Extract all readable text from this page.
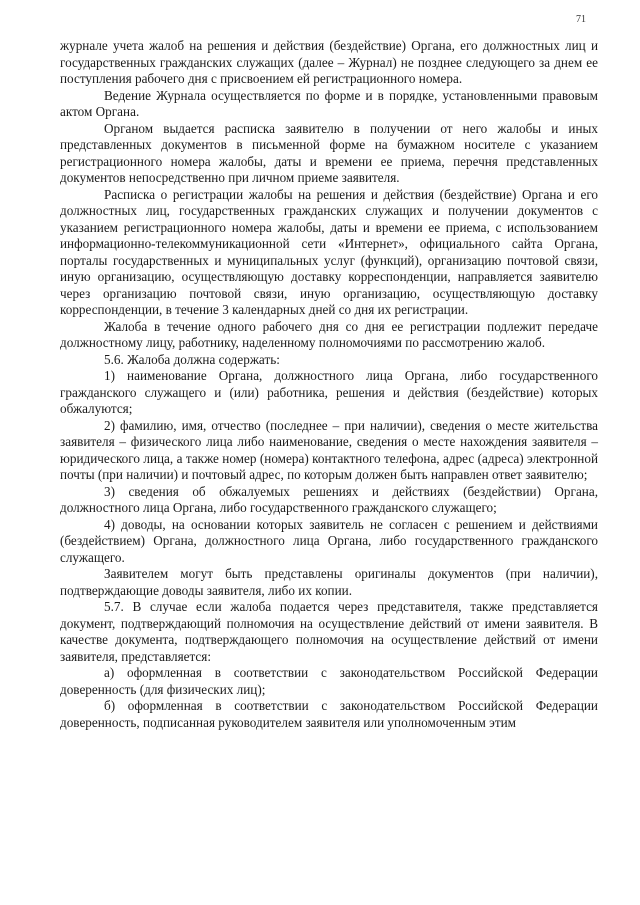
71

журнале учета жалоб на решения и действия (бездействие) Органа, его должностных лиц и государственных гражданских служащих (далее – Журнал) не позднее следующего за днем ее поступления рабочего дня с присвоением ей регистрационного номера.

Ведение Журнала осуществляется по форме и в порядке, установленными правовым актом Органа.

Органом выдается расписка заявителю в получении от него жалобы и иных представленных документов в письменной форме на бумажном носителе с указанием регистрационного номера жалобы, даты и времени ее приема, перечня представленных документов непосредственно при личном приеме заявителя.

Расписка о регистрации жалобы на решения и действия (бездействие) Органа и его должностных лиц, государственных гражданских служащих и получении документов с указанием регистрационного номера жалобы, даты и времени ее приема, с использованием информационно-телекоммуникационной сети «Интернет», официального сайта Органа, порталы государственных и муниципальных услуг (функций), организацию почтовой связи, иную организацию, осуществляющую доставку корреспонденции, направляется заявителю через организацию почтовой связи, иную организацию, осуществляющую доставку корреспонденции, в течение 3 календарных дней со дня их регистрации.

Жалоба в течение одного рабочего дня со дня ее регистрации подлежит передаче должностному лицу, работнику, наделенному полномочиями по рассмотрению жалоб.

5.6. Жалоба должна содержать:

1) наименование Органа, должностного лица Органа, либо государственного гражданского служащего и (или) работника, решения и действия (бездействие) которых обжалуются;

2) фамилию, имя, отчество (последнее – при наличии), сведения о месте жительства заявителя – физического лица либо наименование, сведения о месте нахождения заявителя – юридического лица, а также номер (номера) контактного телефона, адрес (адреса) электронной почты (при наличии) и почтовый адрес, по которым должен быть направлен ответ заявителю;

3) сведения об обжалуемых решениях и действиях (бездействии) Органа, должностного лица Органа, либо государственного гражданского служащего;

4) доводы, на основании которых заявитель не согласен с решением и действиями (бездействием) Органа, должностного лица Органа, либо государственного гражданского служащего.

Заявителем могут быть представлены оригиналы документов (при наличии), подтверждающие доводы заявителя, либо их копии.

5.7. В случае если жалоба подается через представителя, также представляется документ, подтверждающий полномочия на осуществление действий от имени заявителя. В качестве документа, подтверждающего полномочия на осуществление действий от имени заявителя, представляется:

а) оформленная в соответствии с законодательством Российской Федерации доверенность (для физических лиц);

б) оформленная в соответствии с законодательством Российской Федерации доверенность, подписанная руководителем заявителя или уполномоченным этим
